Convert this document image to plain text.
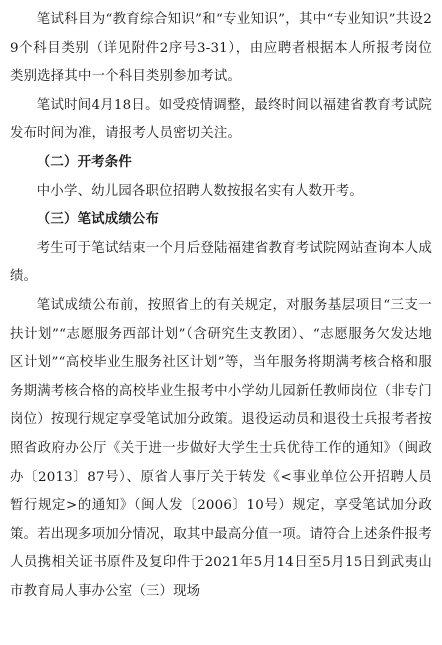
笔试科目为“教育综合知识”和“专业知识”，其中“专业知识”共设29个科目类别（详见附件2序号3-31），由应聘者根据本人所报考岗位类别选择其中一个科目类别参加考试。

笔试时间4月18日。如受疫情调整，最终时间以福建省教育考试院发布时间为准，请报考人员密切关注。

（二）开考条件

中小学、幼儿园各职位招聘人数按报名实有人数开考。

（三）笔试成绩公布

考生可于笔试结束一个月后登陆福建省教育考试院网站查询本人成绩。

笔试成绩公布前，按照省上的有关规定，对服务基层项目“三支一扶计划”“志愿服务西部计划”（含研究生支教团）、“志愿服务欠发达地区计划”“高校毕业生服务社区计划”等，当年服务将期满考核合格和服务期满考核合格的高校毕业生报考中小学幼儿园新任教师岗位（非专门岗位）按现行规定享受笔试加分政策。退役运动员和退役士兵报考者按照省政府办公厅《关于进一步做好大学生士兵优待工作的通知》（闽政办〔2013〕87号）、原省人事厅关于转发《<事业单位公开招聘人员暂行规定>的通知》（闽人发〔2006〕10号）规定，享受笔试加分政策。若出现多项加分情况，取其中最高分值一项。请符合上述条件报考人员携相关证书原件及复印件于2021年5月14日至5月15日到武夷山市教育局人事办公室（三）现场
